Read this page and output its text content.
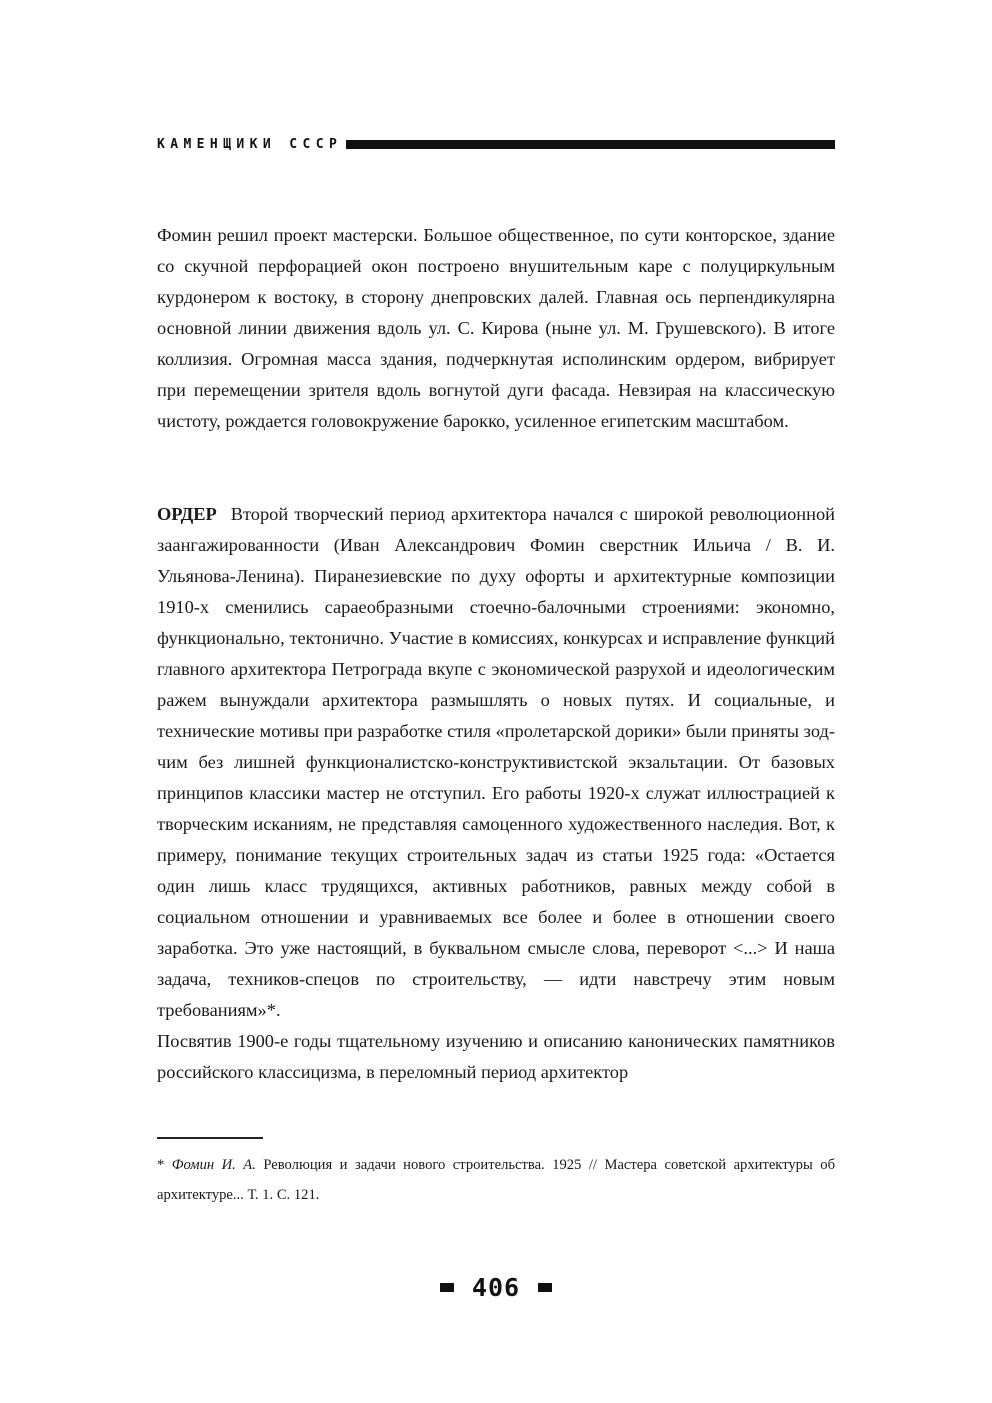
КАМЕНЩИКИ СССР
Фомин решил проект мастерски. Большое общественное, по сути конторское, здание со скучной перфорацией окон построено внушительным каре с полуциркульным курдонером к востоку, в сторону днепровских далей. Главная ось перпендикулярна основной линии движения вдоль ул. С. Кирова (ныне ул. М. Грушевского). В итоге коллизия. Огромная масса здания, подчеркнутая исполинским ордером, вибрирует при перемещении зрителя вдоль вогнутой дуги фасада. Невзирая на классическую чистоту, рождается головокружение барокко, усиленное египетским масштабом.
ОРДЕР Второй творческий период архитектора начался с широкой революционной заангажированности (Иван Александрович Фомин сверстник Ильича / В. И. Ульянова-Ленина). Пиранезиевские по духу офорты и архитектурные композиции 1910-х сменились сараеобразными стоечно-балочными строениями: экономно, функционально, тектонично. Участие в комиссиях, конкурсах и исправление функций главного архитектора Петрограда вкупе с экономической разрухой и идеологическим ражем вынуждали архитектора размышлять о новых путях. И социальные, и технические мотивы при разработке стиля «пролетарской дорики» были приняты зодчим без лишней функционалистско-конструктивистской экзальтации. От базовых принципов классики мастер не отступил. Его работы 1920-х служат иллюстрацией к творческим исканиям, не представляя самоценного художественного наследия. Вот, к примеру, понимание текущих строительных задач из статьи 1925 года: «Остается один лишь класс трудящихся, активных работников, равных между собой в социальном отношении и уравниваемых все более и более в отношении своего заработка. Это уже настоящий, в буквальном смысле слова, переворот <...> И наша задача, техников-спецов по строительству, — идти навстречу этим новым требованиям»*.
Посвятив 1900-е годы тщательному изучению и описанию канонических памятников российского классицизма, в переломный период архитектор
* Фомин И. А. Революция и задачи нового строительства. 1925 // Мастера советской архитектуры об архитектуре... Т. 1. С. 121.
406
